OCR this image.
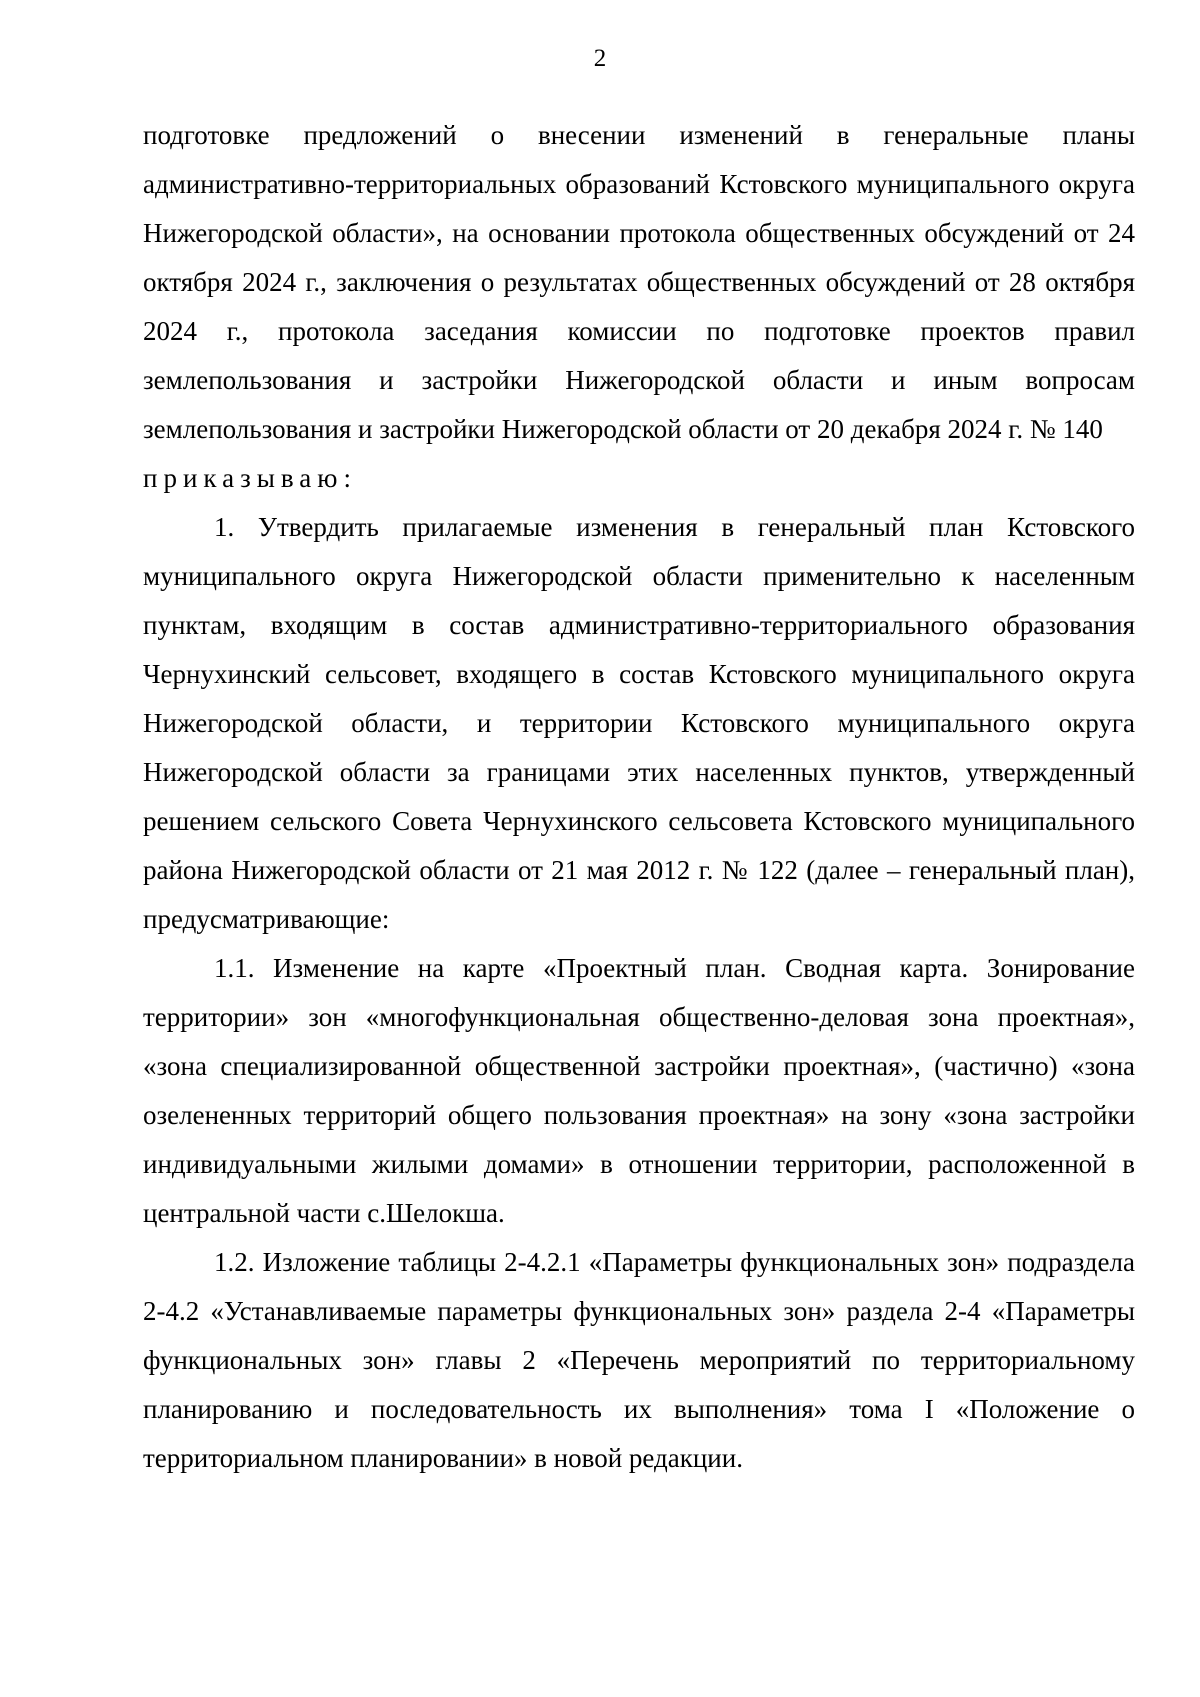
2

подготовке предложений о внесении изменений в генеральные планы административно-территориальных образований Кстовского муниципального округа Нижегородской области», на основании протокола общественных обсуждений от 24 октября 2024 г., заключения о результатах общественных обсуждений от 28 октября 2024 г., протокола заседания комиссии по подготовке проектов правил землепользования и застройки Нижегородской области и иным вопросам землепользования и застройки Нижегородской области от 20 декабря 2024 г. № 140

приказываю:

1. Утвердить прилагаемые изменения в генеральный план Кстовского муниципального округа Нижегородской области применительно к населенным пунктам, входящим в состав административно-территориального образования Чернухинский сельсовет, входящего в состав Кстовского муниципального округа Нижегородской области, и территории Кстовского муниципального округа Нижегородской области за границами этих населенных пунктов, утвержденный решением сельского Совета Чернухинского сельсовета Кстовского муниципального района Нижегородской области от 21 мая 2012 г. № 122 (далее – генеральный план), предусматривающие:

1.1. Изменение на карте «Проектный план. Сводная карта. Зонирование территории» зон «многофункциональная общественно-деловая зона проектная», «зона специализированной общественной застройки проектная», (частично) «зона озелененных территорий общего пользования проектная» на зону «зона застройки индивидуальными жилыми домами» в отношении территории, расположенной в центральной части с.Шелокша.

1.2. Изложение таблицы 2-4.2.1 «Параметры функциональных зон» подраздела 2-4.2 «Устанавливаемые параметры функциональных зон» раздела 2-4 «Параметры функциональных зон» главы 2 «Перечень мероприятий по территориальному планированию и последовательность их выполнения» тома I «Положение о территориальном планировании» в новой редакции.
